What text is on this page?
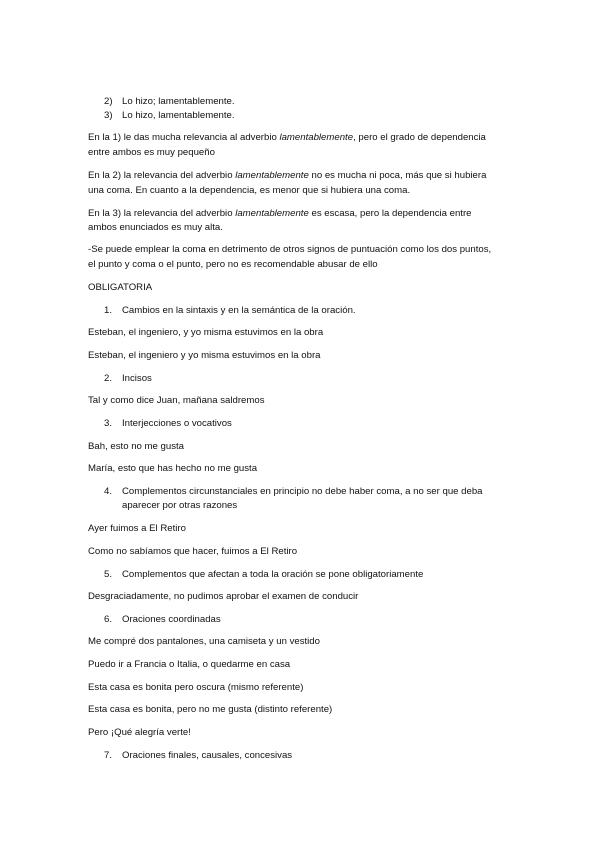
2) Lo hizo; lamentablemente.
3) Lo hizo, lamentablemente.
En la 1) le das mucha relevancia al adverbio lamentablemente, pero el grado de dependencia
entre ambos es muy pequeño
En la 2) la relevancia del adverbio lamentablemente no es mucha ni poca, más que si hubiera
una coma. En cuanto a la dependencia, es menor que si hubiera una coma.
En la 3) la relevancia del adverbio lamentablemente es escasa, pero la dependencia entre
ambos enunciados es muy alta.
-Se puede emplear la coma en detrimento de otros signos de puntuación como los dos puntos,
el punto y coma o el punto, pero no es recomendable abusar de ello
OBLIGATORIA
1. Cambios en la sintaxis y en la semántica de la oración.
Esteban, el ingeniero, y yo misma estuvimos en la obra
Esteban, el ingeniero y yo misma estuvimos en la obra
2. Incisos
Tal y como dice Juan, mañana saldremos
3. Interjecciones o vocativos
Bah, esto no me gusta
María, esto que has hecho no me gusta
4. Complementos circunstanciales en principio no debe haber coma, a no ser que deba
aparecer por otras razones
Ayer fuimos a El Retiro
Como no sabíamos que hacer, fuimos a El Retiro
5. Complementos que afectan a toda la oración se pone obligatoriamente
Desgraciadamente, no pudimos aprobar el examen de conducir
6. Oraciones coordinadas
Me compré dos pantalones, una camiseta y un vestido
Puedo ir a Francia o Italia, o quedarme en casa
Esta casa es bonita pero oscura (mismo referente)
Esta casa es bonita, pero no me gusta (distinto referente)
Pero ¡Qué alegría verte!
7. Oraciones finales, causales, concesivas
